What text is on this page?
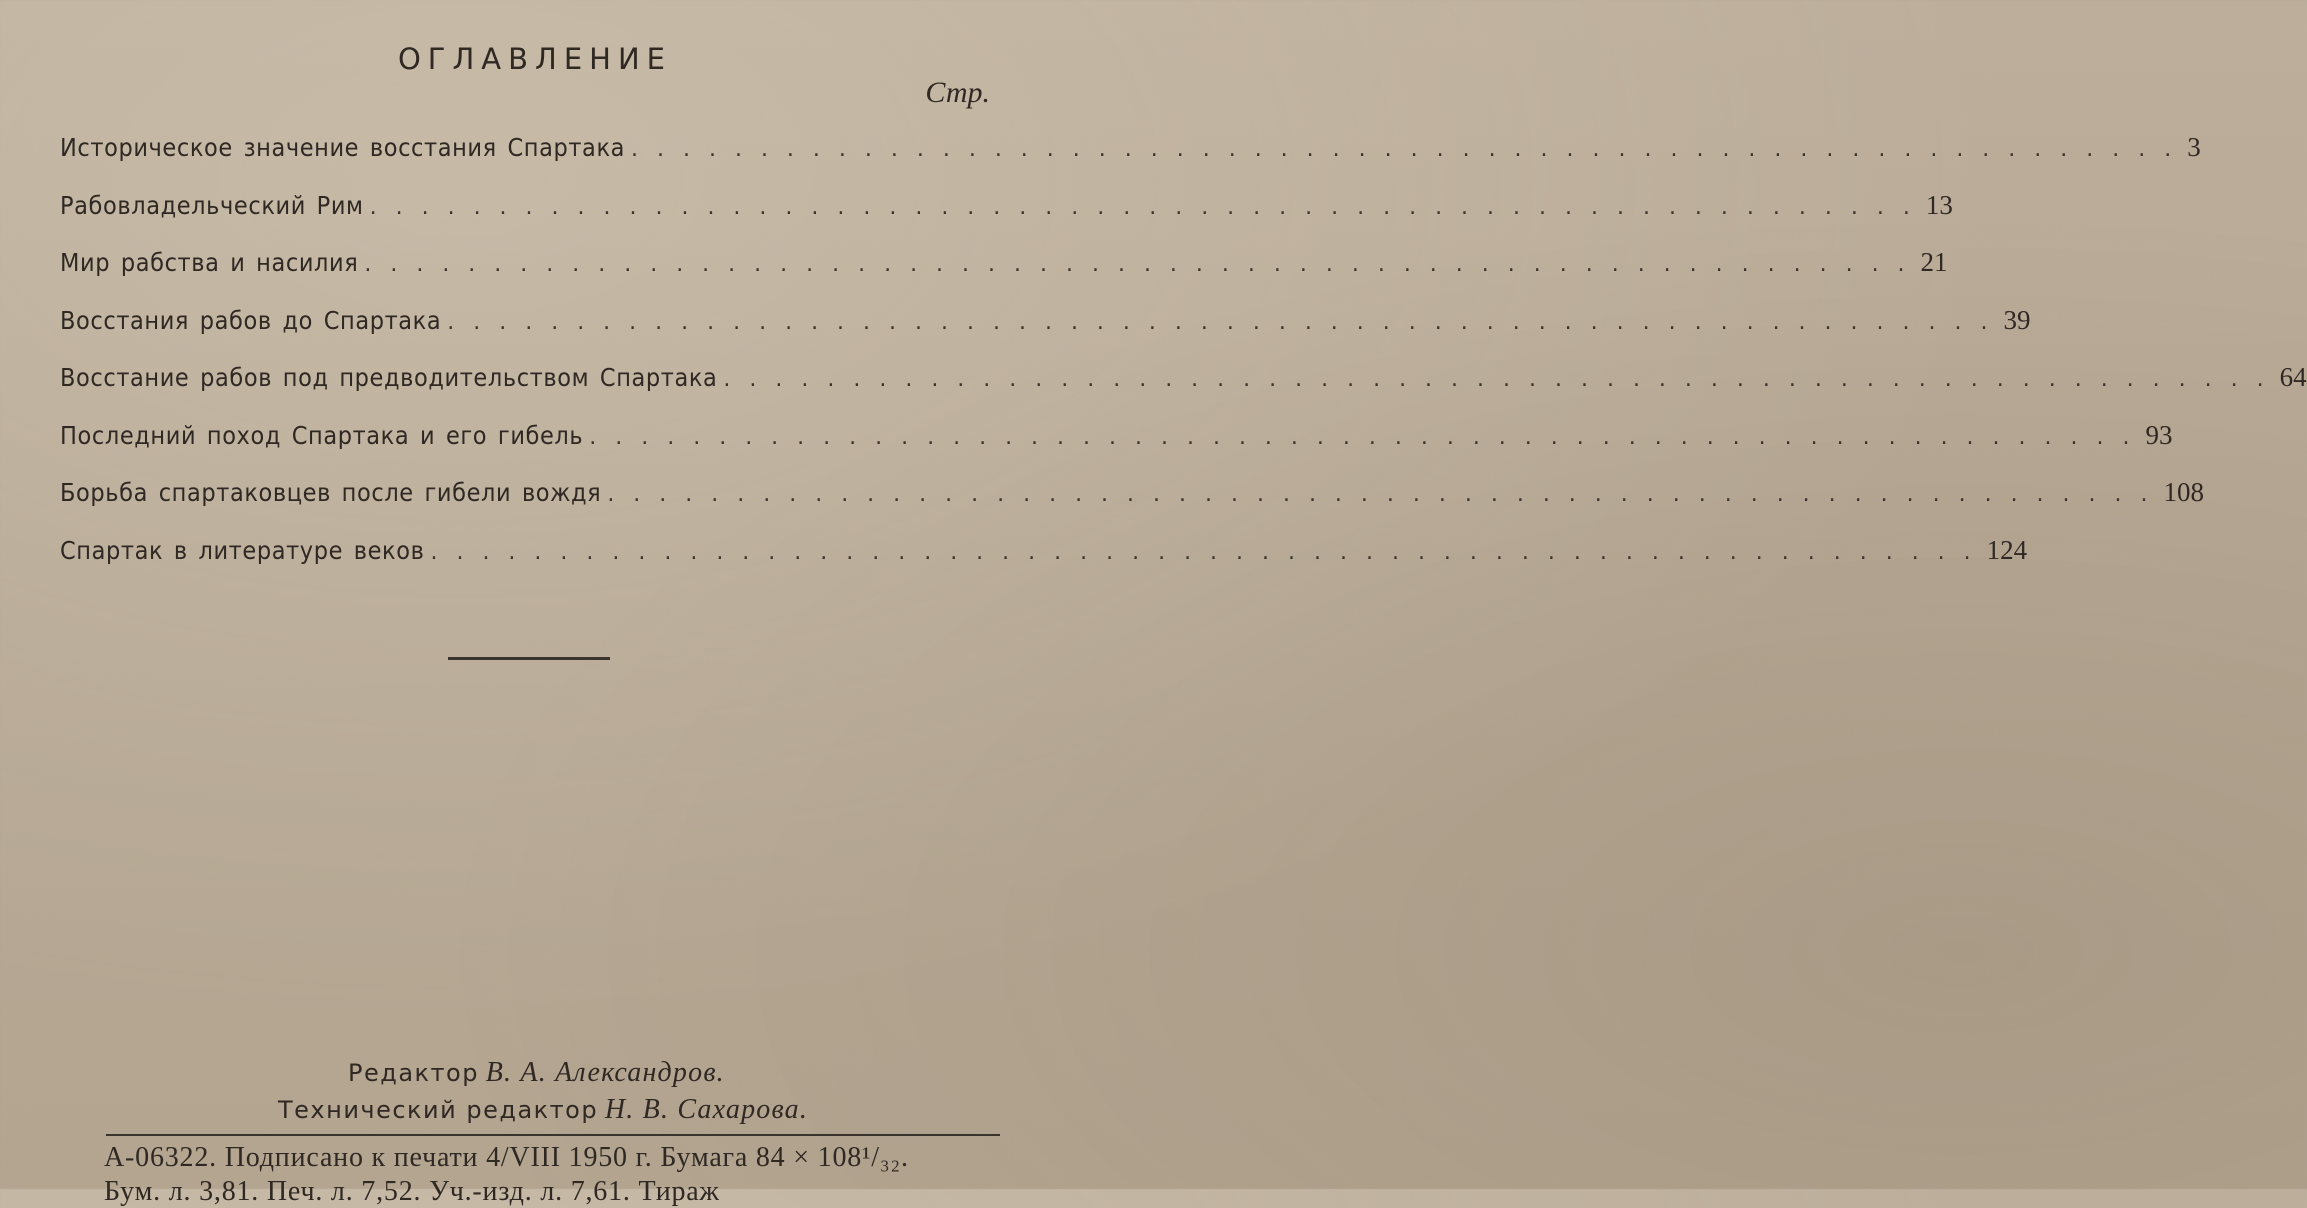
ОГЛАВЛЕНИЕ
Стр.
Историческое значение восстания Спартака . . . . . . . . . . . . . . . . . . . . . . . . . . . . . . . . . . . . . . . . . . . . . . . . . . . . . . . . . . . . 3
Рабовладельческий Рим . . . . . . . . . . . . . . . . . . . . . . . . . . . . . . . . . . . . . . . . . . . . . . . . . . . . . . . . . . . . 13
Мир рабства и насилия . . . . . . . . . . . . . . . . . . . . . . . . . . . . . . . . . . . . . . . . . . . . . . . . . . . . . . . . . . . . 21
Восстания рабов до Спартака . . . . . . . . . . . . . . . . . . . . . . . . . . . . . . . . . . . . . . . . . . . . . . . . . . . . . . . . . . . . 39
Восстание рабов под предводительством Спартака . . . . . . . . . . . . . . . . . . . . . . . . . . . . . . . . . . . . . . . . . . . . . . . . . . . . . . . . . . . . 64
Последний поход Спартака и его гибель . . . . . . . . . . . . . . . . . . . . . . . . . . . . . . . . . . . . . . . . . . . . . . . . . . . . . . . . . . . . 93
Борьба спартаковцев после гибели вождя . . . . . . . . . . . . . . . . . . . . . . . . . . . . . . . . . . . . . . . . . . . . . . . . . . . . . . . . . . . . 108
Спартак в литературе веков . . . . . . . . . . . . . . . . . . . . . . . . . . . . . . . . . . . . . . . . . . . . . . . . . . . . . . . . . . . . 124
Редактор В. А. Александров.
Технический редактор Н. В. Сахарова.
А-06322. Подписано к печати 4/VIII 1950 г. Бумага 84 × 108¹/₃₂.
Бум. л. 3,81. Печ. л. 7,52. Уч.-изд. л. 7,61. Тираж
